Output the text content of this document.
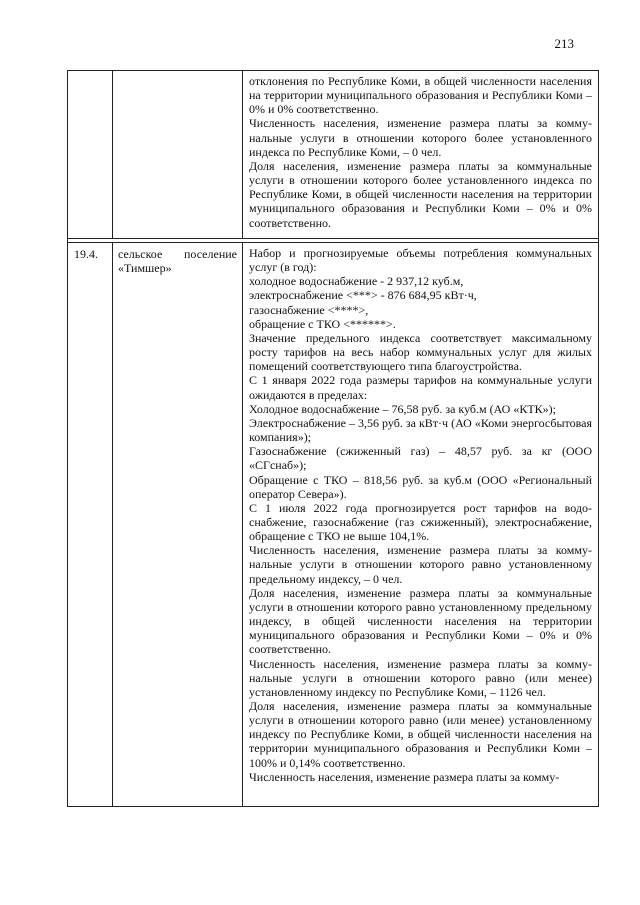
213

отклонения по Республике Коми, в общей численности населения на территории муниципального образования и Республики Коми – 0% и 0% соответственно.

Численность населения, изменение размера платы за коммунальные услуги в отношении которого более установленного индекса по Республике Коми, – 0 чел.

Доля населения, изменение размера платы за коммунальные услуги в отношении которого более установленного индекса по Республике Коми, в общей численности населения на территории муниципального образования и Республики Коми – 0% и 0% соответственно.

19.4. сельское поселение
«Тимшер»

Набор и прогнозируемые объемы потребления коммунальных услуг (в год):

холодное водоснабжение - 2 937,12 куб.м,

электроснабжение <***> - 876 684,95 кВт·ч,

газоснабжение <****>,

обращение с ТКО <******>.

Значение предельного индекса соответствует максимальному росту тарифов на весь набор коммунальных услуг для жилых помещений соответствующего типа благоустройства.

С 1 января 2022 года размеры тарифов на коммунальные услуги ожидаются в пределах:

Холодное водоснабжение – 76,58 руб. за куб.м (АО «КТК»);

Электроснабжение – 3,56 руб. за кВт·ч (АО «Коми энергосбытовая компания»);

Газоснабжение (сжиженный газ) – 48,57 руб. за кг (ООО «СГснаб»);

Обращение с ТКО – 818,56 руб. за куб.м (ООО «Региональный оператор Севера»).

С 1 июля 2022 года прогнозируется рост тарифов на водоснабжение, газоснабжение (газ сжиженный), электроснабжение, обращение с ТКО не выше 104,1%.

Численность населения, изменение размера платы за коммунальные услуги в отношении которого равно установленному предельному индексу, – 0 чел.

Доля населения, изменение размера платы за коммунальные услуги в отношении которого равно установленному предельному индексу, в общей численности населения на территории муниципального образования и Республики Коми – 0% и 0% соответственно.

Численность населения, изменение размера платы за коммунальные услуги в отношении которого равно (или менее) установленному индексу по Республике Коми, – 1126 чел.

Доля населения, изменение размера платы за коммунальные услуги в отношении которого равно (или менее) установленному индексу по Республике Коми, в общей численности населения на территории муниципального образования и Республики Коми – 100% и 0,14% соответственно.

Численность населения, изменение размера платы за комму-
